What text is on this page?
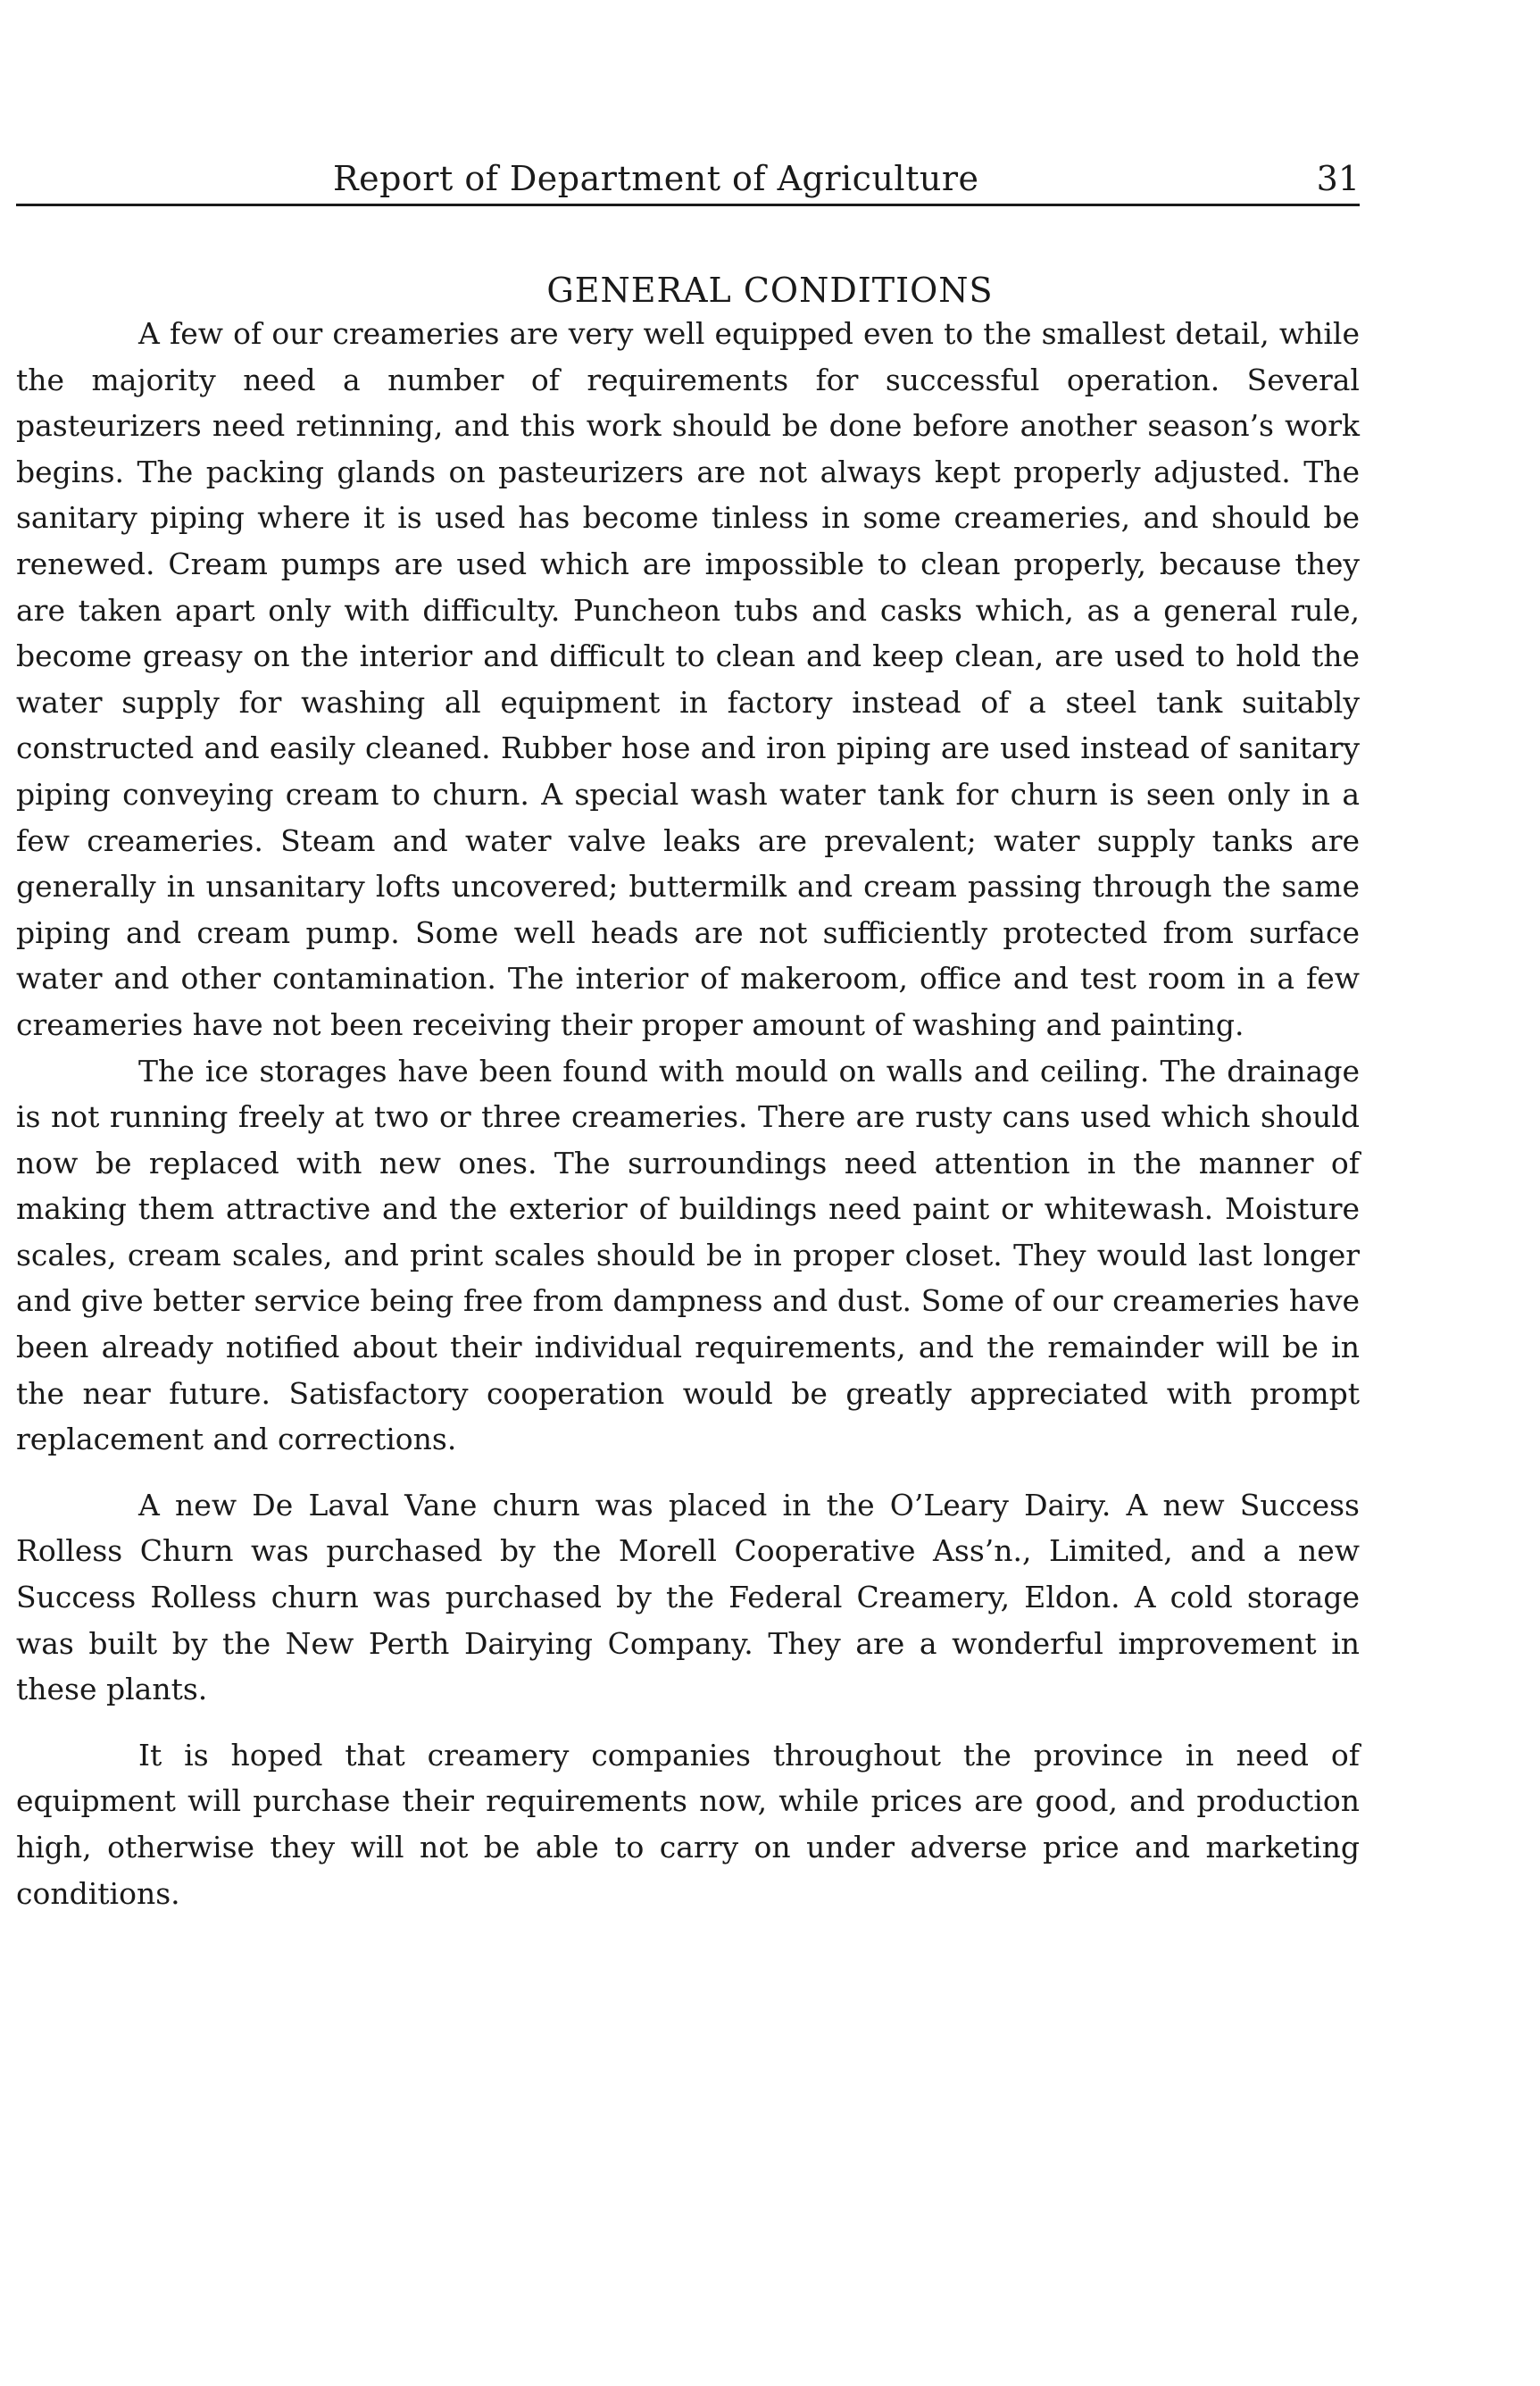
Report of Department of Agriculture	31
GENERAL CONDITIONS

A few of our creameries are very well equipped even to the smallest detail, while the majority need a number of requirements for successful operation. Several pasteurizers need retinning, and this work should be done before another season’s work begins. The packing glands on pasteurizers are not always kept properly adjusted. The sanitary piping where it is used has become tinless in some creameries, and should be renewed. Cream pumps are used which are impossible to clean properly, because they are taken apart only with difficulty. Puncheon tubs and casks which, as a general rule, become greasy on the interior and difficult to clean and keep clean, are used to hold the water supply for washing all equipment in factory instead of a steel tank suitably constructed and easily cleaned. Rubber hose and iron piping are used instead of sanitary piping conveying cream to churn. A special wash water tank for churn is seen only in a few creameries. Steam and water valve leaks are prevalent; water supply tanks are generally in unsanitary lofts uncovered; buttermilk and cream passing through the same piping and cream pump. Some well heads are not sufficiently protected from surface water and other contamination. The interior of makeroom, office and test room in a few creameries have not been receiving their proper amount of washing and painting.

The ice storages have been found with mould on walls and ceiling. The drainage is not running freely at two or three creameries. There are rusty cans used which should now be replaced with new ones. The surroundings need attention in the manner of making them attractive and the exterior of buildings need paint or whitewash. Moisture scales, cream scales, and print scales should be in proper closet. They would last longer and give better service being free from dampness and dust. Some of our creameries have been already notified about their individual requirements, and the remainder will be in the near future. Satisfactory cooperation would be greatly appreciated with prompt replacement and corrections.

A new De Laval Vane churn was placed in the O’Leary Dairy. A new Success Rolless Churn was purchased by the Morell Cooperative Ass’n., Limited, and a new Success Rolless churn was purchased by the Federal Creamery, Eldon. A cold storage was built by the New Perth Dairying Company. They are a wonderful improvement in these plants.

It is hoped that creamery companies throughout the province in need of equipment will purchase their requirements now, while prices are good, and production high, otherwise they will not be able to carry on under adverse price and marketing conditions.
